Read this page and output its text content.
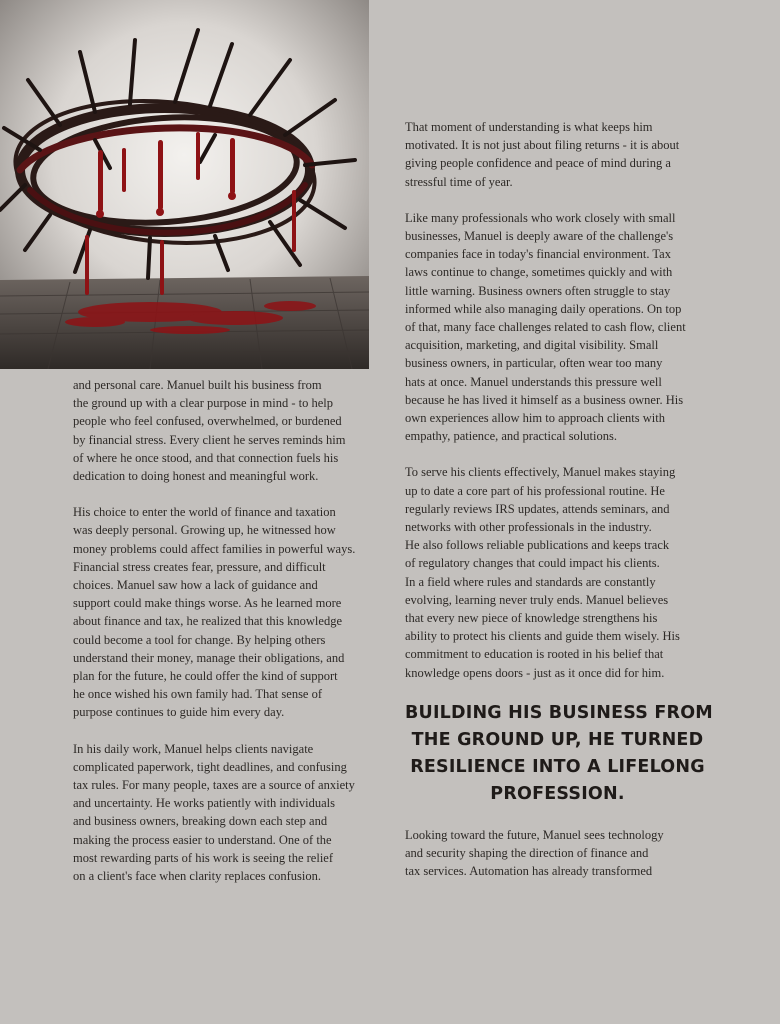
and personal care. Manuel built his business from
the ground up with a clear purpose in mind - to help
people who feel confused, overwhelmed, or burdened
by financial stress. Every client he serves reminds him
of where he once stood, and that connection fuels his
dedication to doing honest and meaningful work.

His choice to enter the world of finance and taxation
was deeply personal. Growing up, he witnessed how
money problems could affect families in powerful ways.
Financial stress creates fear, pressure, and difficult
choices. Manuel saw how a lack of guidance and
support could make things worse. As he learned more
about finance and tax, he realized that this knowledge
could become a tool for change. By helping others
understand their money, manage their obligations, and
plan for the future, he could offer the kind of support
he once wished his own family had. That sense of
purpose continues to guide him every day.

In his daily work, Manuel helps clients navigate
complicated paperwork, tight deadlines, and confusing
tax rules. For many people, taxes are a source of anxiety
and uncertainty. He works patiently with individuals
and business owners, breaking down each step and
making the process easier to understand. One of the
most rewarding parts of his work is seeing the relief
on a client's face when clarity replaces confusion.

That moment of understanding is what keeps him
motivated. It is not just about filing returns - it is about
giving people confidence and peace of mind during a
stressful time of year.

Like many professionals who work closely with small
businesses, Manuel is deeply aware of the challenge's
companies face in today's financial environment. Tax
laws continue to change, sometimes quickly and with
little warning. Business owners often struggle to stay
informed while also managing daily operations. On top
of that, many face challenges related to cash flow, client
acquisition, marketing, and digital visibility. Small
business owners, in particular, often wear too many
hats at once. Manuel understands this pressure well
because he has lived it himself as a business owner. His
own experiences allow him to approach clients with
empathy, patience, and practical solutions.

To serve his clients effectively, Manuel makes staying
up to date a core part of his professional routine. He
regularly reviews IRS updates, attends seminars, and
networks with other professionals in the industry.
He also follows reliable publications and keeps track
of regulatory changes that could impact his clients.
In a field where rules and standards are constantly
evolving, learning never truly ends. Manuel believes
that every new piece of knowledge strengthens his
ability to protect his clients and guide them wisely. His
commitment to education is rooted in his belief that
knowledge opens doors - just as it once did for him.

BUILDING HIS BUSINESS FROM
THE GROUND UP, HE TURNED
RESILIENCE INTO A LIFELONG
PROFESSION.

Looking toward the future, Manuel sees technology
and security shaping the direction of finance and
tax services. Automation has already transformed
